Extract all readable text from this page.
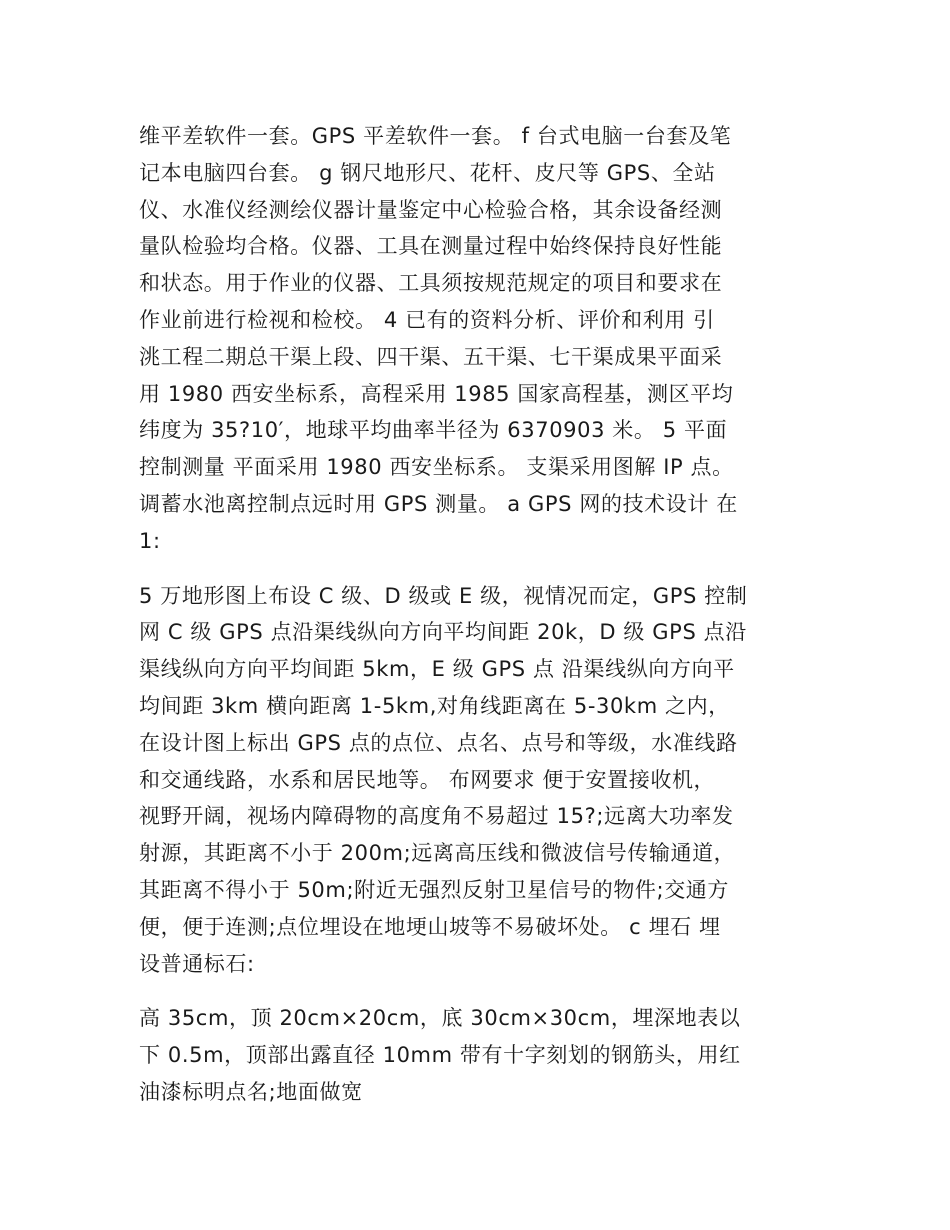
维平差软件一套。GPS 平差软件一套。 f 台式电脑一台套及笔
记本电脑四台套。 g 钢尺地形尺、花杆、皮尺等 GPS、全站
仪、水准仪经测绘仪器计量鉴定中心检验合格，其余设备经测
量队检验均合格。仪器、工具在测量过程中始终保持良好性能
和状态。用于作业的仪器、工具须按规范规定的项目和要求在
作业前进行检视和检校。 4 已有的资料分析、评价和利用 引
洮工程二期总干渠上段、四干渠、五干渠、七干渠成果平面采
用 1980 西安坐标系，高程采用 1985 国家高程基，测区平均
纬度为 35?10′，地球平均曲率半径为 6370903 米。 5 平面
控制测量 平面采用 1980 西安坐标系。 支渠采用图解 IP 点。
调蓄水池离控制点远时用 GPS 测量。 a GPS 网的技术设计 在
1:
5 万地形图上布设 C 级、D 级或 E 级，视情况而定，GPS 控制
网 C 级 GPS 点沿渠线纵向方向平均间距 20k，D 级 GPS 点沿
渠线纵向方向平均间距 5km，E 级 GPS 点 沿渠线纵向方向平
均间距 3km 横向距离 1-5km,对角线距离在 5-30km 之内，
在设计图上标出 GPS 点的点位、点名、点号和等级，水准线路
和交通线路，水系和居民地等。 布网要求 便于安置接收机，
视野开阔，视场内障碍物的高度角不易超过 15?;远离大功率发
射源，其距离不小于 200m;远离高压线和微波信号传输通道，
其距离不得小于 50m;附近无强烈反射卫星信号的物件;交通方
便，便于连测;点位埋设在地埂山坡等不易破坏处。 c 埋石 埋
设普通标石:
高 35cm，顶 20cm×20cm，底 30cm×30cm，埋深地表以
下 0.5m，顶部出露直径 10mm 带有十字刻划的钢筋头，用红
油漆标明点名;地面做宽
